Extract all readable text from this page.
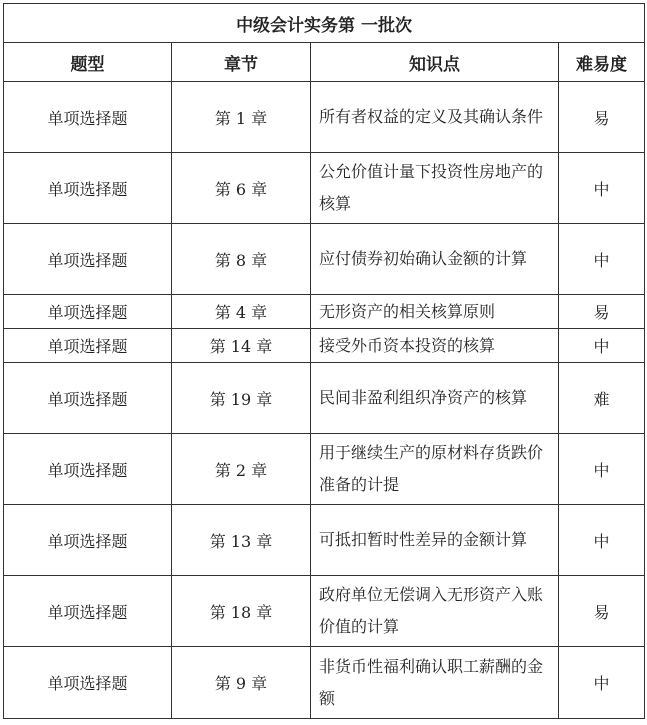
中级会计实务第 一批次			
题型	章节	知识点	难易度
单项选择题	第 1 章	所有者权益的定义及其确认条件	易
单项选择题	第 6 章	公允价值计量下投资性房地产的核算	中
单项选择题	第 8 章	应付债券初始确认金额的计算	中
单项选择题	第 4 章	无形资产的相关核算原则	易
单项选择题	第 14 章	接受外币资本投资的核算	中
单项选择题	第 19 章	民间非盈利组织净资产的核算	难
单项选择题	第 2 章	用于继续生产的原材料存货跌价准备的计提	中
单项选择题	第 13 章	可抵扣暂时性差异的金额计算	中
单项选择题	第 18 章	政府单位无偿调入无形资产入账价值的计算	易
单项选择题	第 9 章	非货币性福利确认职工薪酬的金额	中
